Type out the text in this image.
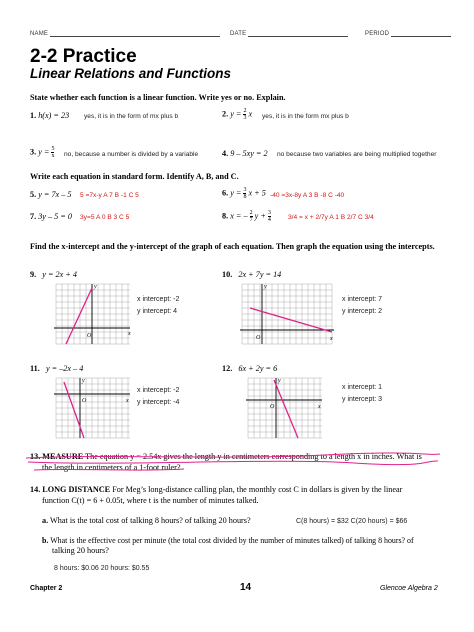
NAME	DATE	PERIOD
2-2 Practice
Linear Relations and Functions
State whether each function is a linear function. Write yes or no. Explain.
1. h(x) = 23 yes, it is in the form of mx plus b	2. $y = \frac{2}{3}$ x yes, it is in the form mx plus b
3. $y = \frac{5}{x}$ no, because a number is divided by a variable	4. 9 – 5xy = 2 no because two variables are being multiplied together
Write each equation in standard form. Identify A, B, and C.
5. y = 7x – 5 5 =7x-y A 7 B -1 C 5	6. $y = \frac{3}{8}$ x + 5 -40 =3x-8y A 3 B -8 C -40
7. 3y – 5 = 0 3y=5 A 0 B 3 C 5	8. x = – $\frac{2}{7}$ $y + \frac{3}{4}$	3/4 = x + 2/7y A 1 B 2/7 C 3/4
Find the x-intercept and the y-intercept of the graph of each equation. Then graph the equation using the intercepts.
9. y = 2x + 4
O	x
y
x intercept: -2
y intercept: 4
10. 2x + 7y = 14
O	x
y
x intercept: 7
y intercept: 2
11. y = –2x – 4
O	x
y
x intercept: -2
y intercept: -4
12. 6x + 2y = 6
O	x
y
x intercept: 1
y intercept: 3
13. MEASURE The equation y = 2.54x gives the length y in centimeters corresponding to a length x in inches. What is
the length in centimeters of a 1-foot ruler?
14. LONG DISTANCE For Meg’s long-distance calling plan, the monthly cost C in dollars is given by the linear
function C(t) = 6 + 0.05t, where t is the number of minutes talked.
a. What is the total cost of talking 8 hours? of talking 20 hours?	C(8 hours) = $32 C(20 hours) = $66
b. What is the effective cost per minute (the total cost divided by the number of minutes talked) of talking 8 hours? of
talking 20 hours?
8 hours: $0.06 20 hours: $0.55
Chapter 2	14	Glencoe Algebra 2
